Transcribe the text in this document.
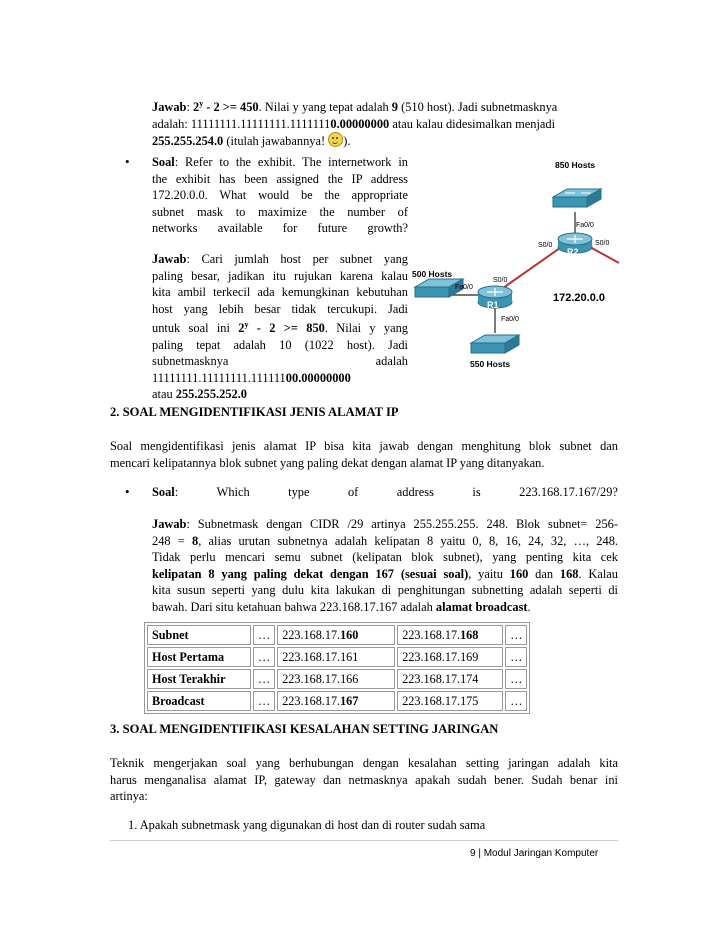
Jawab: 2$^y$ - 2 >= 450. Nilai y yang tepat adalah 9 (510 host). Jadi subnetmasknya

adalah: 11111111.11111111.11111110.00000000 atau kalau didesimalkan menjadi

255.255.254.0 (itulah jawabannya!
).

• Soal: Refer to the exhibit. The internetwork in

the exhibit has been assigned the IP address

172.20.0.0. What would be the appropriate

subnet mask to maximize the number of

networks available for future growth?

Jawab: Cari jumlah host per subnet yang

paling besar, jadikan itu rujukan karena kalau

kita ambil terkecil ada kemungkinan kebutuhan

host yang lebih besar tidak tercukupi. Jadi

untuk soal ini 2$^y$ - 2 >= 850. Nilai y yang

paling tepat adalah 10 (1022 host). Jadi

subnetmasknya	adalah

11111111.11111111.11111100.00000000

atau 255.255.252.0

850 Hosts
R2
Fa0/0
S0/0	S0/0
500 Hosts
R1
Fa0/0
S0/0
Fa0/0
550 Hosts
172.20.0.0
2. SOAL MENGIDENTIFIKASI JENIS ALAMAT IP

Soal mengidentifikasi jenis alamat IP bisa kita jawab dengan menghitung blok subnet dan

mencari kelipatannya blok subnet yang paling dekat dengan alamat IP yang ditanyakan.

• Soal:	Which	type	of	address	is	223.168.17.167/29?

Jawab: Subnetmask dengan CIDR /29 artinya 255.255.255. 248. Blok subnet= 256-

248 = 8, alias urutan subnetnya adalah kelipatan 8 yaitu 0, 8, 16, 24, 32, …, 248.

Tidak perlu mencari semu subnet (kelipatan blok subnet), yang penting kita cek

kelipatan 8 yang paling dekat dengan 167 (sesuai soal), yaitu 160 dan 168. Kalau

kita susun seperti yang dulu kita lakukan di penghitungan subnetting adalah seperti di

bawah. Dari situ ketahuan bahwa 223.168.17.167 adalah alamat broadcast.

Subnet	…	223.168.17.160	223.168.17.168	…
Host Pertama	…	223.168.17.161	223.168.17.169	…
Host Terakhir	…	223.168.17.166	223.168.17.174	…
Broadcast	…	223.168.17.167	223.168.17.175	…
3. SOAL MENGIDENTIFIKASI KESALAHAN SETTING JARINGAN

Teknik mengerjakan soal yang berhubungan dengan kesalahan setting jaringan adalah kita

harus menganalisa alamat IP, gateway dan netmasknya apakah sudah bener. Sudah benar ini

artinya:

1. Apakah subnetmask yang digunakan di host dan di router sudah sama
9 | Modul Jaringan Komputer
